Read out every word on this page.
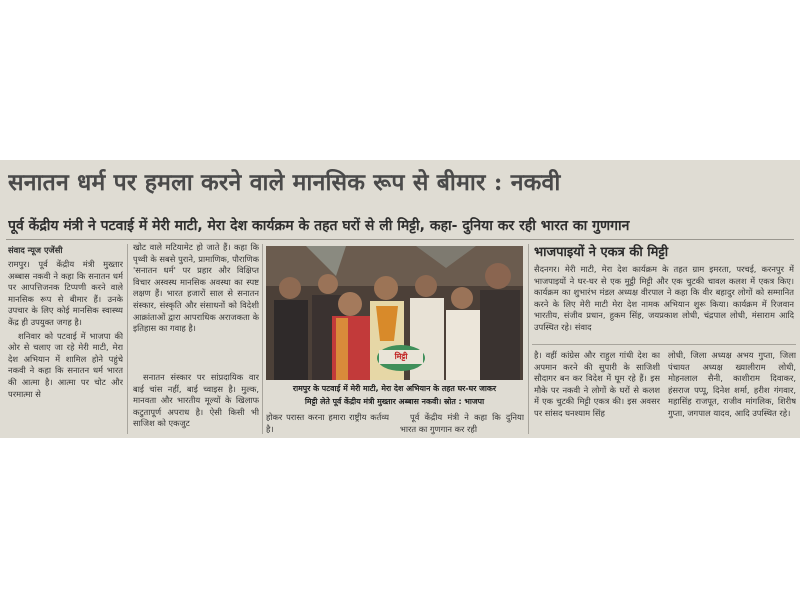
सनातन धर्म पर हमला करने वाले मानसिक रूप से बीमार : नकवी
पूर्व केंद्रीय मंत्री ने पटवाई में मेरी माटी, मेरा देश कार्यक्रम के तहत घरों से ली मिट्टी, कहा- दुनिया कर रही भारत का गुणगान
संवाद न्यूज एजेंसी

रामपुर। पूर्व केंद्रीय मंत्री मुख्तार अब्बास नकवी ने कहा कि सनातन धर्म पर आपत्तिजनक टिप्पणी करने वाले मानसिक रूप से बीमार हैं। उनके उपचार के लिए कोई मानसिक स्वास्थ्य केंद्र ही उपयुक्त जगह है।

शनिवार को पटवाई में भाजपा की ओर से चलाए जा रहे मेरी माटी, मेरा देश अभियान में शामिल होने पहुंचे नकवी ने कहा कि सनातन धर्म भारत की आत्मा है। आत्मा पर चोट और परमात्मा से

खोट वाले मटियामेट हो जाते हैं। कहा कि पृथ्वी के सबसे पुराने, प्रामाणिक, पौराणिक 'सनातन धर्म' पर प्रहार और विक्षिप्त विचार अस्वस्थ मानसिक अवस्था का स्पष्ट लक्षण हैं। भारत हजारों साल से सनातन संस्कार, संस्कृति और संसाधनों को विदेशी आक्रांताओं द्वारा आपराधिक अराजकता के इतिहास का गवाह है।

सनातन संस्कार पर सांप्रदायिक वार बाई चांस नहीं, बाई च्वाइस है। मुल्क, मानवता और भारतीय मूल्यों के खिलाफ कटुतापूर्ण अपराध है। ऐसी किसी भी साजिश को एकजुट

मिट्टी
रामपुर के पटवाई में मेरी माटी, मेरा देश अभियान के तहत घर-घर जाकर
मिट्टी लेते पूर्व केंद्रीय मंत्री मुख्तार अब्बास नकवी। स्रोत : भाजपा

होकर परास्त करना हमारा राष्ट्रीय कर्तव्य है।

पूर्व केंद्रीय मंत्री ने कहा कि दुनिया भारत का गुणगान कर रही

भाजपाइयों ने एकत्र की मिट्टी

सैदनगर। मेरी माटी, मेरा देश कार्यक्रम के तहत ग्राम इमरता, परचई, करनपुर में भाजपाइयों ने घर-घर से एक मुट्ठी मिट्टी और एक चुटकी चावल कलश में एकत्र किए। कार्यक्रम का शुभारंभ मंडल अध्यक्ष वीरपाल ने कहा कि वीर बहादुर लोगों को सम्मानित करने के लिए मेरी माटी मेरा देश नामक अभियान शुरू किया। कार्यक्रम में रिजवान भारतीय, संजीव प्रधान, हुकम सिंह, जयप्रकाश लोधी, चंद्रपाल लोधी, मंसाराम आदि उपस्थित रहे। संवाद

है। वहीं कांग्रेस और राहुल गांधी देश का अपमान करने की सुपारी के साजिशी सौदागर बन कर विदेश में घूम रहे हैं। इस मौके पर नकवी ने लोगों के घरों से कलश में एक चुटकी मिट्टी एकत्र की। इस अवसर पर सांसद घनश्याम सिंह

लोधी, जिला अध्यक्ष अभय गुप्ता, जिला पंचायत अध्यक्ष ख्यालीराम लोधी, मोहनलाल सैनी, काशीराम दिवाकर, हंसराज पप्पू, दिनेश शर्मा, हरीश गंगवार, महासिंह राजपूत, राजीव मांगलिक, शिरीष गुप्ता, जगपाल यादव, आदि उपस्थित रहे।
